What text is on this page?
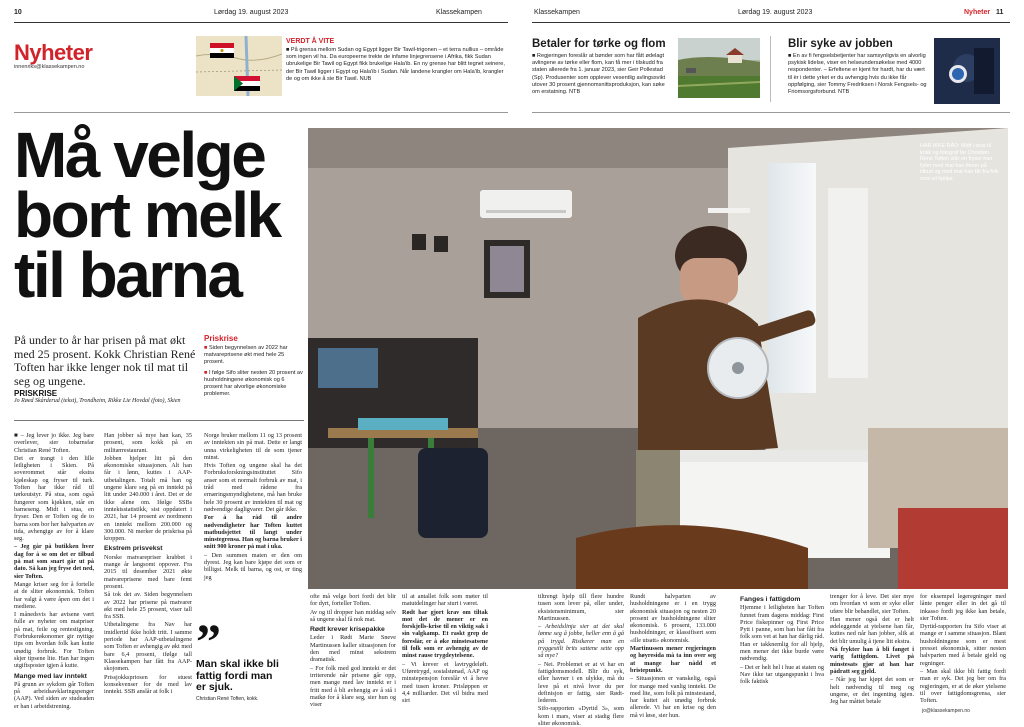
10	Lørdag 19. august 2023	Klassekampen	Klassekampen	Lørdag 19. august 2023	Nyheter 11
Nyheter
innenriks@klassekampen.no
VERDT Å VITE
■ På grensa mellom Sudan og Egypt ligger Bir Tawil-trigonen – et terra nullius – område som ingen vil ha. Da europeerne trekte de infame linjegrensene i Afrika, fikk Sudan ubrukelige Bir Tawil og Egypt fikk brukelige Hala'ib. En ny grense har blitt tegnet seinere, der Bir Tawil ligger i Egypt og Hala'ib i Sudan. Når landene krangler om Hala'ib, krangler de og om ikke å sie Bir Tawil. NUB
Betaler for tørke og flom
■ Regjeringen foreslår at bønder som har fått ødelagt avlingene av tørke eller flom, kan få mer i tilskudd fra staten allerede fra 1. januar 2023, sier Geir Pollestad (Sp). Produsenter som opplever vesentlig avlingssvikt utover 30 prosent gjennomsnittsproduksjon, kan søke om erstatning. NTB
Blir syke av jobben
■ En av fi fengselsbetjenter har samsynligvis en alvorlig psykisk lidelse, viser en helseundersøkelse med 4000 respondenter. – Erfeltene er kjent for hardt, har du vært til ër i dette yrket er du avhengig hvis du ikke får oppfølging, sier Tommy Fredriksen i Norsk Fengsels- og Friomsorgsforbund. NTB
Må velge bort melk til barna
På under to år har prisen på mat økt med 25 prosent. Kokk Christian René Toften har ikke lenger nok til mat til seg og ungene.
Priskrise

■ Siden begynnelsen av 2022 har matvareprisene økt med hele 25 prosent.

■ I følge Sifo sliter nesten 20 prosent av husholdningene økonomisk og 6 prosent har alvorlige økonomiske problemer.

PRISKRISE
Jo Røed Skårderud (tekst), Trondheim, Rikke Lie Hovdal (foto), Skien
HAR IKKE RÅD: Midt i stua til kokk og fotograf far Christian René Toften står en fryser han fyller med mat han finner på tilbud og med mat han får fra folk som vil hjelpe.

■ – Jeg lever jo ikke. Jeg bare overlever, sier tobarnsfar Christian René Toften.

Det er trangt i den lille leiligheten i Skien. På soverommet står ekstra kjøleskap og fryser til turk. Toften har ikke råd til tørkeutstyr. På stua, som også fungerer som kjøkken, står en barneseng. Midt i stua, en fryser. Den er Toften og de to barna som bor her halvparten av tida, avhengige av for å klare seg.

– Jeg går på butikken hver dag for å se om det er tilbud på mat som snart går ut på dato. Så kan jeg fryse det ned, sier Toften.

Mange kriser seg for å fortelle at de sliter økonomisk. Toften har valgt å være åpen om det i mediene.

I månedsvis har avisene vært fulle av nyheter om matpriser på mat, feile og rentestigning. Forbrukerøkonomer gir nyttige tips om hvordan folk kan kutte unødig forbruk. For Toften skjer tipsene lite. Han har ingen utgiftsposter igjen å kutte.

Mange med lav inntekt

På grunn av sykdom går Toften på arbeidsavklaringspenger (AAP). Ved siden av studeaden er han i arbeidstrening.

Han jobber så mye han kan, 35 prosent, som kokk på en militærrestaurant.

Jobben hjelper litt på den økonomiske situasjonen. Alt han får i lønn, kuttes i AAP-utbetalingen. Totalt må han og ungene klare seg på en inntekt på litt under 240.000 i året. Det er de ikke alene om. Ifølge SSBs inntektsstatistikk, sist oppdatert i 2021, har 14 prosent av nordmenn en inntekt mellom 200.000 og 300.000. Ni merker de priskrisa på kroppen.

Ekstrem prisvekst

Norske matvarepriser krabbet i mange år langsomt oppover. Fra 2015 til desember 2021 økte matvareprisene med bare femt prosent.

Så tok det av. Siden begynnelsen av 2022 har prisene på matvarer økt med hele 25 prosent, viser tall fra SSB.

Utbetalingene fra Nav har imidlertid ikke holdt tritt. I samme periode har AAP-utbetalingene som Toften er avhengig av økt med bare 6,4 prosent, ifølge tall Klassekampen har fått fra AAP-skojomen.

Prissjokkspriosen for stuest konsekvenser for de med lav inntekt. SSB anslår at folk i

Norge bruker mellom 11 og 13 prosent av inntekten sin på mat. Dette er langt unna virkeligheten til de som tjener minst.

Hvis Toften og ungene skal ha det Forbruksforskningsinstituttet Sifo anser som et normalt forbruk av mat, i tråd med rådene fra ernæringsmyndighetene, må han bruke hele 30 prosent av inntekten til mat og nødvendige dagligvarer. Det går ikke.

For å ha råd til andre nødvendigheter har Toften kuttet matbudsjettet til langt under minstegrensa. Han og barna bruker i snitt 900 kroner på mat i uka.

– Den summen maten er den om dyrest. Jeg kan bare kjøpe det som er billigst. Melk til barna, og ost, er ting jeg

”
Man skal ikke bli fattig fordi man er sjuk.
Christian René Toften, kokk.

ofte må velge bort fordi det blir for dyrt, forteller Toften.

Av og til dropper han middag selv så ungene skal få nok mat.

Rødt krever krisepakke

Leder i Rødt Marie Sneve Martinussen kaller situasjonen for den med minst sekstrem dramatisk.

– For folk med god inntekt er det irriterende når prisene går opp, men mange med lav inntekt er i fritt med å bli avhengig av å stå i matkø for å klare seg, sier hun og viser

til at antallet folk som møter til matutdelinger har sturt i været.

Rødt har gjort krav om tiltak mot det de mener er en forskjells-krise til en viktig sak i sin valgkamp. Et raskt grep de foreslår, er å øke minstesatsene til folk som er avhengig av de minst rause trygdeytelsene.

– Vi krever et lavtrygdeløft. Uføretrygd, sosialstønad, AAP og minstepensjon foreslår vi å heve med tusen kroner. Prisløppen er 4,4 milliarder. Det vil bidra med sirt

tiltrengt hjelp till flere hundre tusen som lever på, eller under, eksistensminimum, sier Martinussen.

– Arbeidslinja sier at det skal lønne seg å jobbe, heller enn å gå på trygd. Risikerer man en tryggestilt brits sattene sette opp så mye?

– Nei. Problemet er at vi har en fattigdomsmodell. Blir du syk, eller havner i en ulykke, må du leve på et nivå hvor du per definisjon er fattig, sier Rødt-lederen.

Sifo-rapporten «Dyrtid 3», som kom i mars, viser at stadig flere sliter økonomisk.

Rundt halvparten av husholdningene er i en trygg økonomisk situasjon og nesten 20 prosent av husholdningene sliter økonomisk. 6 prosent, 133.000 husholdninger, er klassifisert som «ille utsatt» økonomisk.

Martinussen mener regjeringen og høyresida må ta inn over seg at mange har nådd et bristepunkt.

– Situasjonen er vanskelig, også for mange med vanlig inntekt. De med lite, som folk på minstestand, har kuttet alt unødig forbruk allerede. Vi har en krise og den må vi løse, sier hun.

Fanges i fattigdom

Hjemme i leiligheten har Toften funnet fram dagens middag: First Price fiskepinner og First Price Pytt i panne, som han har fått fra folk som vet at han har dårlig råd. Han er takknemlig for all hjelp, men mener det ikke burde være nødvendig.

– Det er helt hel i hue at staten og Nav ikke tar utgangspunkt i hva folk faktisk

trenger for å leve. Det sier mye om hvordan vi som er syke eller uføre blir behandlet, sier Toften.

Han mener også det er helt ødeleggende at ytelsene han får, kuttes ned når han jobber, slik at det blir umulig å tjene litt ekstra.

Nå frykter han å bli fanget i varig fattigdom. Livet på minstesats gjør at han har pådratt seg gjeld.

– Når jeg har kjøpt det som er helt nødvendig til meg og ungene, er det ingenting igjen. Jeg har måttet betale

for eksempel legeregninger med lånte penger eller in det gå til inkasso fordi jeg ikke kan betale, sier Toften.

Dyrtid-rapporten fra Sifo viser at mange er i samme situasjon. Blant husholdningene som er mest presset økonomisk, sitter nesten halvparten med å betale gjeld og regninger.

– Man skal ikke bli fattig fordi man er syk. Det jeg ber om fra regjeringen, er at de øker ytelsene til over fattigdomsgrensa, sier Toften.

jo@klassekampen.no
